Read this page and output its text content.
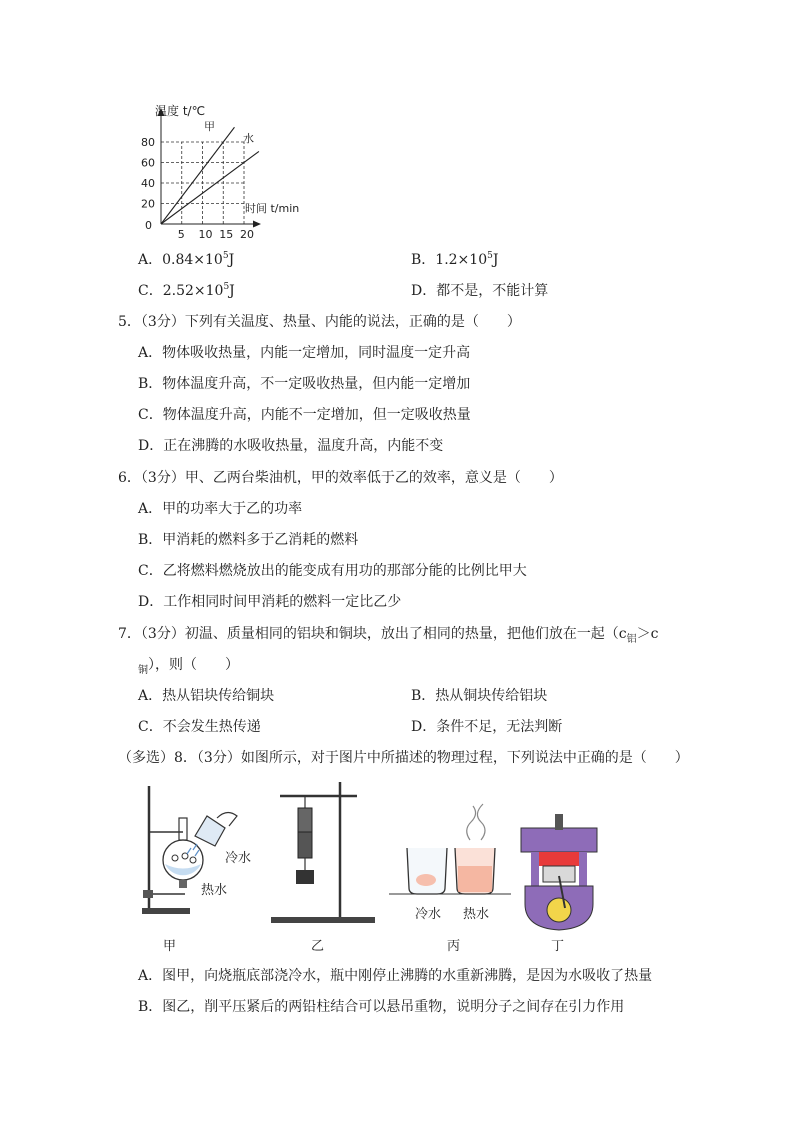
5 10 15 20
20
40
60
80
温度 t/℃
时间 t/min
0
甲
水
A．$0.84\times 10^5J$	B．$1.2\times 10^5J$
C．$2.52\times 10^5J$	D．都不是，不能计算
5．（3分）下列有关温度、热量、内能的说法，正确的是（　　）
A．物体吸收热量，内能一定增加，同时温度一定升高
B．物体温度升高，不一定吸收热量，但内能一定增加
C．物体温度升高，内能不一定增加，但一定吸收热量
D．正在沸腾的水吸收热量，温度升高，内能不变
6．（3分）甲、乙两台柴油机，甲的效率低于乙的效率，意义是（　　）
A．甲的功率大于乙的功率
B．甲消耗的燃料多于乙消耗的燃料
C．乙将燃料燃烧放出的能变成有用功的那部分能的比例比甲大
D．工作相同时间甲消耗的燃料一定比乙少
7．（3分）初温、质量相同的铝块和铜块，放出了相同的热量，把他们放在一起（$c_铝>c$
$_铜$），则（　　）
A．热从铝块传给铜块	B．热从铜块传给铝块
C．不会发生热传递	D．条件不足，无法判断
（多选）8．（3分）如图所示，对于图片中所描述的物理过程，下列说法中正确的是（　　）
冷水
热水
甲	乙
冷水 热水
丙	丁
A．图甲，向烧瓶底部浇冷水，瓶中刚停止沸腾的水重新沸腾，是因为水吸收了热量
B．图乙，削平压紧后的两铅柱结合可以悬吊重物，说明分子之间存在引力作用
